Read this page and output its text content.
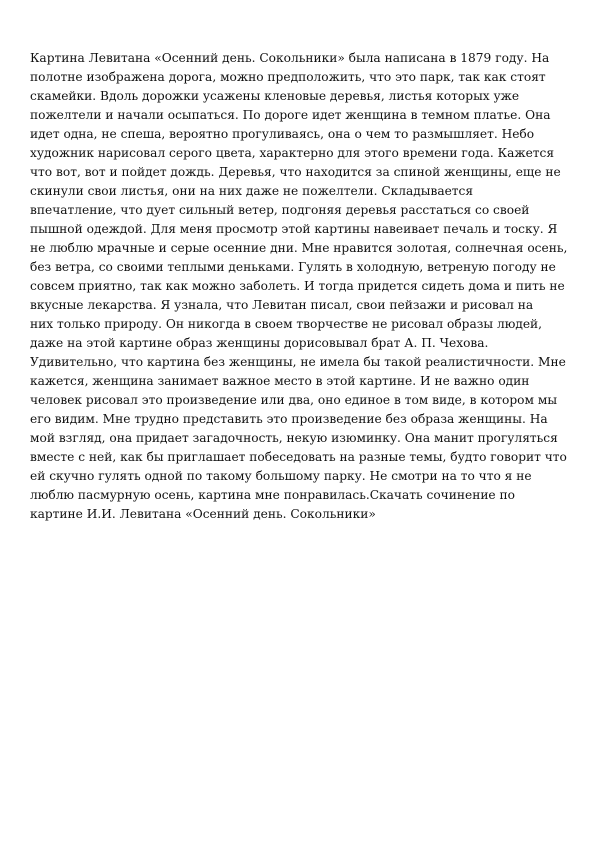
Картина Левитана «Осенний день. Сокольники» была написана в 1879 году. На
полотне изображена дорога, можно предположить, что это парк, так как стоят
скамейки. Вдоль дорожки усажены кленовые деревья, листья которых уже
пожелтели и начали осыпаться. По дороге идет женщина в темном платье. Она
идет одна, не спеша, вероятно прогуливаясь, она о чем то размышляет. Небо
художник нарисовал серого цвета, характерно для этого времени года. Кажется
что вот, вот и пойдет дождь. Деревья, что находится за спиной женщины, еще не
скинули свои листья, они на них даже не пожелтели. Складывается
впечатление, что дует сильный ветер, подгоняя деревья расстаться со своей
пышной одеждой. Для меня просмотр этой картины навеивает печаль и тоску. Я
не люблю мрачные и серые осенние дни. Мне нравится золотая, солнечная осень,
без ветра, со своими теплыми деньками. Гулять в холодную, ветреную погоду не
совсем приятно, так как можно заболеть. И тогда придется сидеть дома и пить не
вкусные лекарства. Я узнала, что Левитан писал, свои пейзажи и рисовал на
них только природу. Он никогда в своем творчестве не рисовал образы людей,
даже на этой картине образ женщины дорисовывал брат А. П. Чехова.
Удивительно, что картина без женщины, не имела бы такой реалистичности. Мне
кажется, женщина занимает важное место в этой картине. И не важно один
человек рисовал это произведение или два, оно единое в том виде, в котором мы
его видим. Мне трудно представить это произведение без образа женщины. На
мой взгляд, она придает загадочность, некую изюминку. Она манит прогуляться
вместе с ней, как бы приглашает побеседовать на разные темы, будто говорит что
ей скучно гулять одной по такому большому парку. Не смотри на то что я не
люблю пасмурную осень, картина мне понравилась.Скачать сочинение по
картине И.И. Левитана «Осенний день. Сокольники»
